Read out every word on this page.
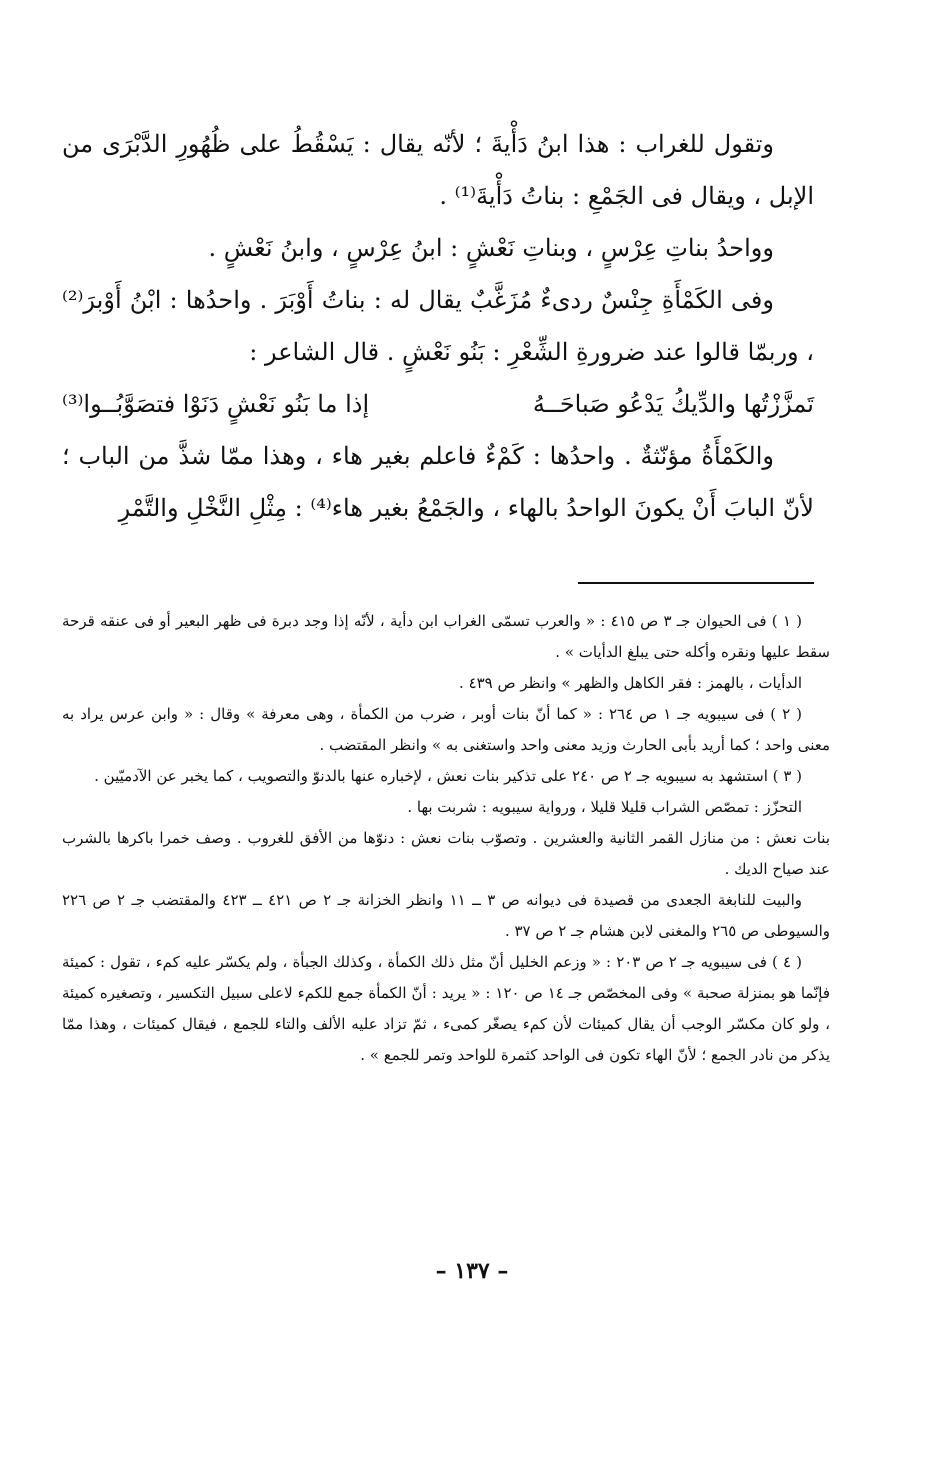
وتقول للغراب : هذا ابنُ دَأْيةَ ؛ لأنّه يقال : يَسْقُطُ على ظُهُورِ الدَّبْرَى من الإبل ، ويقال فى الجَمْعِ : بناتُ دَأْيةَ⁽¹⁾ .

وواحدُ بناتِ عِرْسٍ ، وبناتِ نَعْشٍ : ابنُ عِرْسٍ ، وابنُ نَعْشٍ .

وفى الكَمْأَةِ جِنْسٌ ردىءٌ مُزَغَّبٌ يقال له : بناتُ أَوْبَرَ . واحدُها : ابْنُ أَوْبرَ⁽²⁾ ، وربمّا قالوا عند ضرورةِ الشِّعْرِ : بَنُو نَعْشٍ . قال الشاعر :

تَمزَّزْتُها والدِّيكُ يَدْعُو صَباحَــهُ
إذا ما بَنُو نَعْشٍ دَنَوْا فتصَوَّبُــوا⁽³⁾

والكَمْأَةُ مؤنّثةٌ . واحدُها : كَمْءٌ فاعلم بغير هاء ، وهذا ممّا شذَّ من الباب ؛ لأنّ البابَ أَنْ يكونَ الواحدُ بالهاء ، والجَمْعُ بغير هاء⁽⁴⁾ : مِثْلِ النَّخْلِ والتَّمْرِ

( ١ ) فى الحيوان جـ ٣ ص ٤١٥ : « والعرب تسمّى الغراب ابن دأية ، لأنّه إذا وجد دبرة فى ظهر البعير أو فى عنقه قرحة سقط عليها ونقره وأكله حتى يبلغ الدأيات » .

الدأيات ، بالهمز : فقر الكاهل والظهر » وانظر ص ٤٣٩ .

( ٢ ) فى سيبويه جـ ١ ص ٢٦٤ : « كما أنّ بنات أوبر ، ضرب من الكمأة ، وهى معرفة » وقال : « وابن عرس يراد به معنى واحد ؛ كما أريد بأبى الحارث وزيد معنى واحد واستغنى به » وانظر المقتضب .

( ٣ ) استشهد به سيبويه جـ ٢ ص ٢٤٠ على تذكير بنات نعش ، لإخباره عنها بالدنوّ والتصويب ، كما يخبر عن الآدميّين .

التحزّز : تمصّص الشراب قليلا قليلا ، ورواية سيبويه : شربت بها .

بنات نعش : من منازل القمر الثانية والعشرين . وتصوّب بنات نعش : دنوّها من الأفق للغروب . وصف خمرا باكرها بالشرب عند صياح الديك .

والبيت للنابغة الجعدى من قصيدة فى ديوانه ص ٣ ــ ١١ وانظر الخزانة جـ ٢ ص ٤٢١ ــ ٤٢٣ والمقتضب جـ ٢ ص ٢٢٦ والسيوطى ص ٢٦٥ والمغنى لابن هشام جـ ٢ ص ٣٧ .

( ٤ ) فى سيبويه جـ ٢ ص ٢٠٣ : « وزعم الخليل أنّ مثل ذلك الكمأة ، وكذلك الجبأة ، ولم يكسّر عليه كمء ، تقول : كميئة فإنّما هو بمنزلة صحبة » وفى المخصّص جـ ١٤ ص ١٢٠ : « يريد : أنّ الكمأة جمع للكمء لاعلى سبيل التكسير ، وتصغيره كميئة ، ولو كان مكسّر الوجب أن يقال كميئات لأن كمء يصغّر كمىء ، ثمّ تزاد عليه الألف والتاء للجمع ، فيقال كميئات ، وهذا ممّا يذكر من نادر الجمع ؛ لأنّ الهاء تكون فى الواحد كثمرة للواحد وتمر للجمع » .

– ١٣٧ –
